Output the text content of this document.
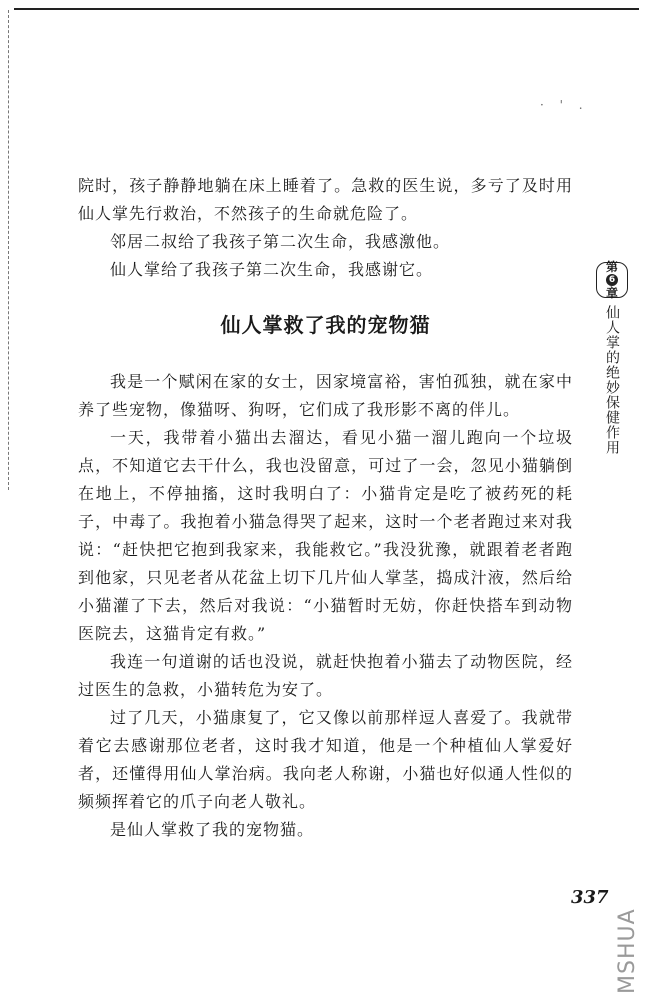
· ' .

院时，孩子静静地躺在床上睡着了。急救的医生说，多亏了及时用仙人掌先行救治，不然孩子的生命就危险了。

邻居二叔给了我孩子第二次生命，我感激他。

仙人掌给了我孩子第二次生命，我感谢它。

仙人掌救了我的宠物猫

我是一个赋闲在家的女士，因家境富裕，害怕孤独，就在家中养了些宠物，像猫呀、狗呀，它们成了我形影不离的伴儿。

一天，我带着小猫出去溜达，看见小猫一溜儿跑向一个垃圾点，不知道它去干什么，我也没留意，可过了一会，忽见小猫躺倒在地上，不停抽搐，这时我明白了：小猫肯定是吃了被药死的耗子，中毒了。我抱着小猫急得哭了起来，这时一个老者跑过来对我说：“赶快把它抱到我家来，我能救它。”我没犹豫，就跟着老者跑到他家，只见老者从花盆上切下几片仙人掌茎，捣成汁液，然后给小猫灌了下去，然后对我说：“小猫暂时无妨，你赶快搭车到动物医院去，这猫肯定有救。”

我连一句道谢的话也没说，就赶快抱着小猫去了动物医院，经过医生的急救，小猫转危为安了。

过了几天，小猫康复了，它又像以前那样逗人喜爱了。我就带着它去感谢那位老者，这时我才知道，他是一个种植仙人掌爱好者，还懂得用仙人掌治病。我向老人称谢，小猫也好似通人性似的频频挥着它的爪子向老人敬礼。

是仙人掌救了我的宠物猫。

第
6
章
仙人掌的绝妙保健作用
337
MSHUA
